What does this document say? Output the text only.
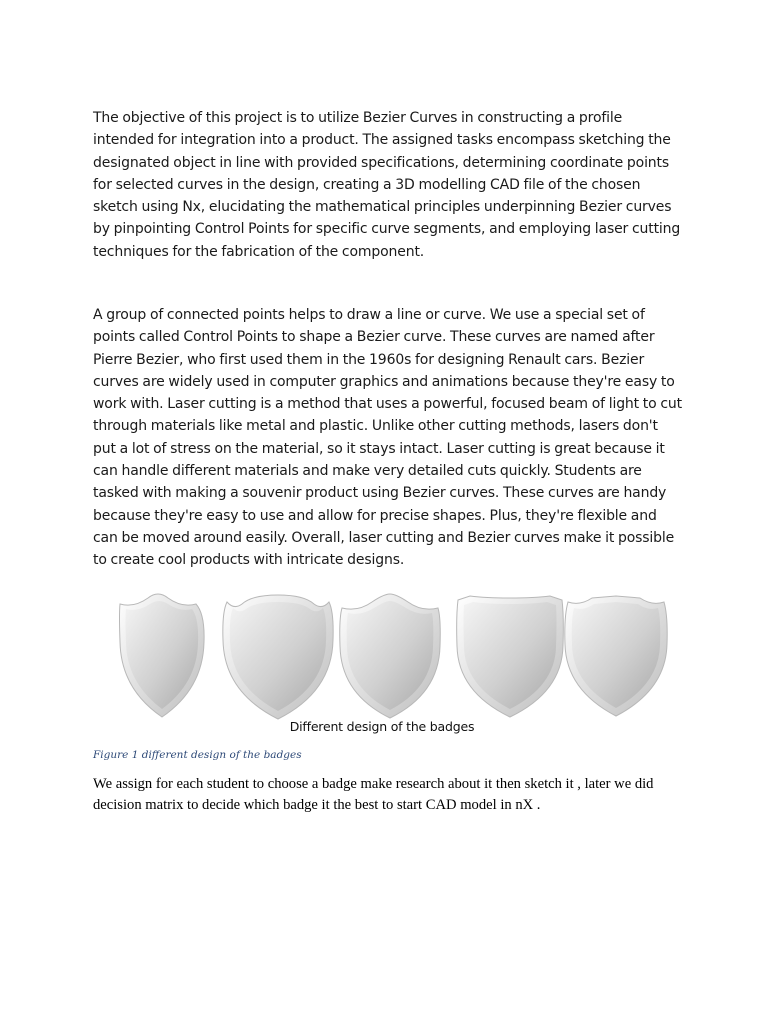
The objective of this project is to utilize Bezier Curves in constructing a profile intended for integration into a product. The assigned tasks encompass sketching the designated object in line with provided specifications, determining coordinate points for selected curves in the design, creating a 3D modelling CAD file of the chosen sketch using Nx, elucidating the mathematical principles underpinning Bezier curves by pinpointing Control Points for specific curve segments, and employing laser cutting techniques for the fabrication of the component.

A group of connected points helps to draw a line or curve. We use a special set of points called Control Points to shape a Bezier curve. These curves are named after Pierre Bezier, who first used them in the 1960s for designing Renault cars. Bezier curves are widely used in computer graphics and animations because they're easy to work with. Laser cutting is a method that uses a powerful, focused beam of light to cut through materials like metal and plastic. Unlike other cutting methods, lasers don't put a lot of stress on the material, so it stays intact. Laser cutting is great because it can handle different materials and make very detailed cuts quickly. Students are tasked with making a souvenir product using Bezier curves. These curves are handy because they're easy to use and allow for precise shapes. Plus, they're flexible and can be moved around easily. Overall, laser cutting and Bezier curves make it possible to create cool products with intricate designs.

Different design of the badges

Figure 1 different design of the badges

We assign for each student to choose a badge make research about it then sketch it , later we did decision matrix to decide which badge it the best to start CAD model in nX .
